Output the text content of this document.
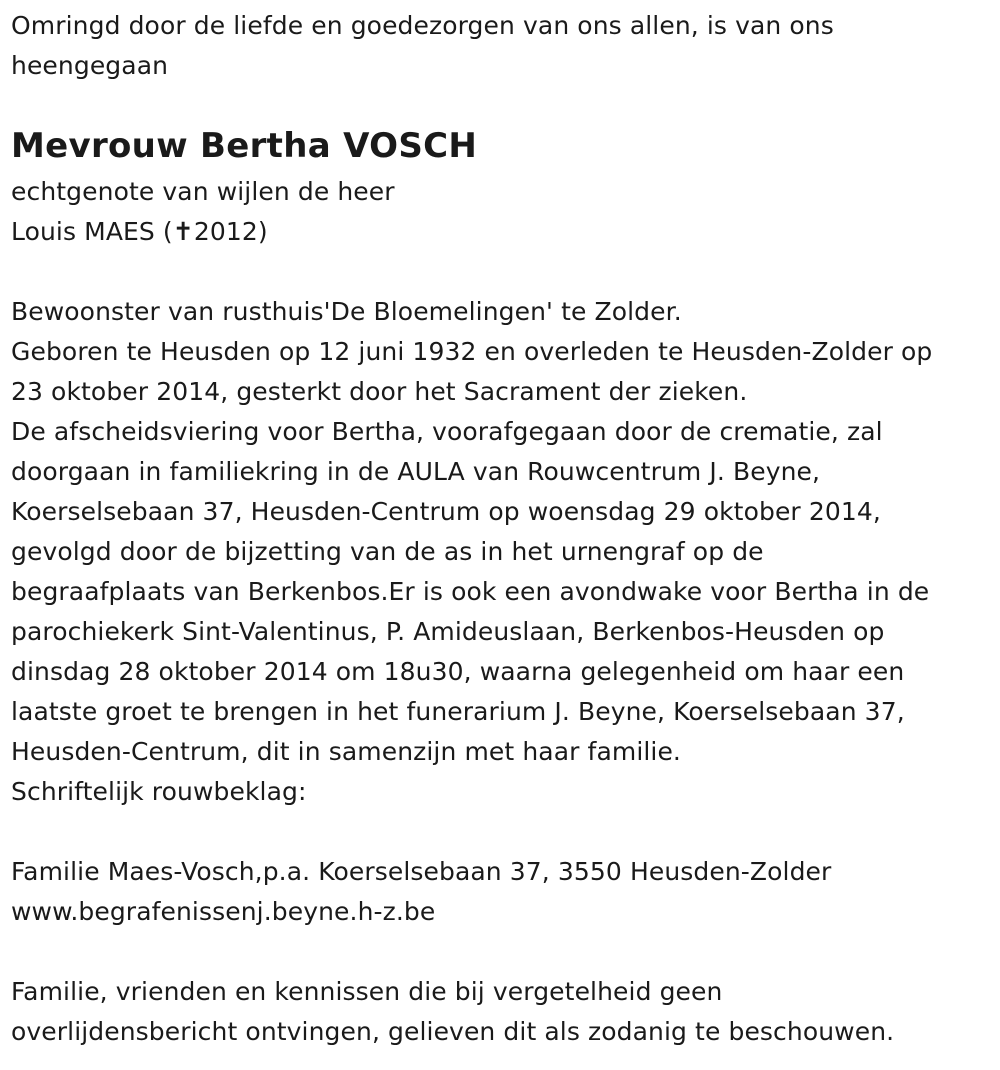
Omringd door de liefde en goedezorgen van ons allen, is van ons
heengegaan
Mevrouw Bertha VOSCH
echtgenote van wijlen de heer
Louis MAES (✝2012)
Bewoonster van rusthuis'De Bloemelingen' te Zolder.
Geboren te Heusden op 12 juni 1932 en overleden te Heusden-Zolder op
23 oktober 2014, gesterkt door het Sacrament der zieken.
De afscheidsviering voor Bertha, voorafgegaan door de crematie, zal
doorgaan in familiekring in de AULA van Rouwcentrum J. Beyne,
Koerselsebaan 37, Heusden-Centrum op woensdag 29 oktober 2014,
gevolgd door de bijzetting van de as in het urnengraf op de
begraafplaats van Berkenbos.Er is ook een avondwake voor Bertha in de
parochiekerk Sint-Valentinus, P. Amideuslaan, Berkenbos-Heusden op
dinsdag 28 oktober 2014 om 18u30, waarna gelegenheid om haar een
laatste groet te brengen in het funerarium J. Beyne, Koerselsebaan 37,
Heusden-Centrum, dit in samenzijn met haar familie.
Schriftelijk rouwbeklag:
Familie Maes-Vosch,p.a. Koerselsebaan 37, 3550 Heusden-Zolder
www.begrafenissenj.beyne.h-z.be
Familie, vrienden en kennissen die bij vergetelheid geen
overlijdensbericht ontvingen, gelieven dit als zodanig te beschouwen.
